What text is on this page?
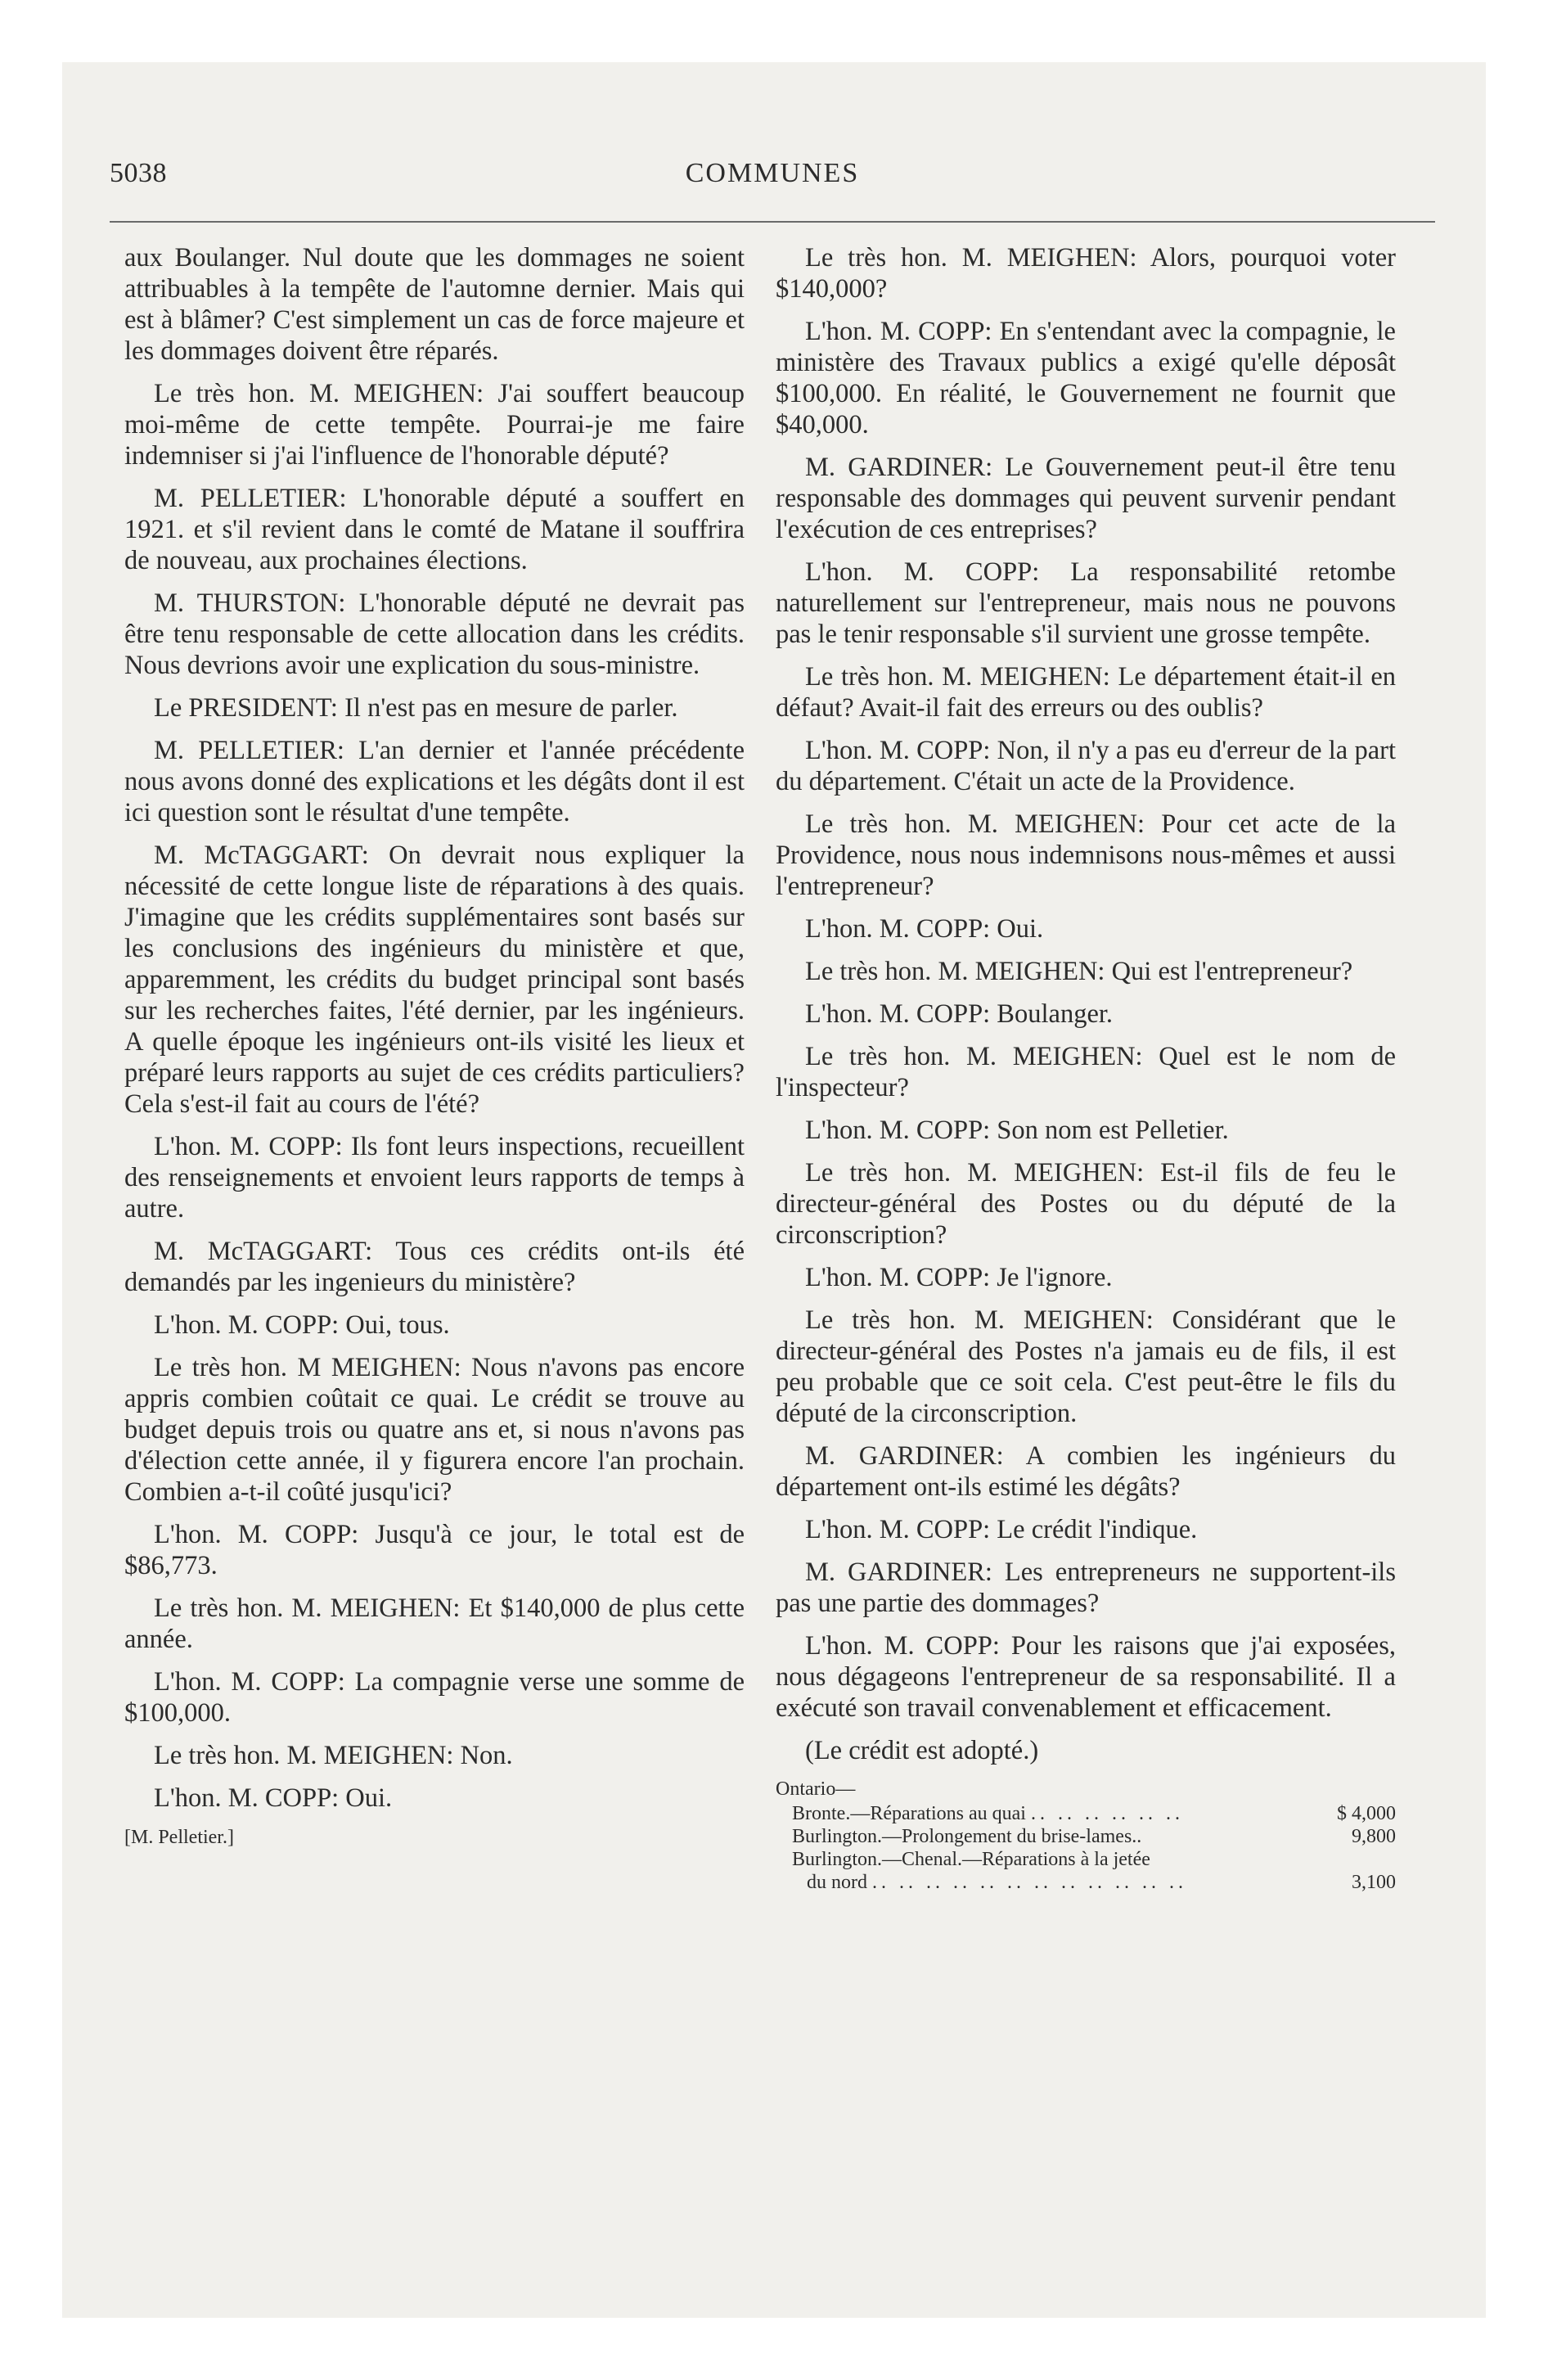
5038	COMMUNES

aux Boulanger. Nul doute que les dommages ne soient attribuables à la tempête de l'automne dernier. Mais qui est à blâmer? C'est simplement un cas de force majeure et les dommages doivent être réparés.

Le très hon. M. MEIGHEN: J'ai souffert beaucoup moi-même de cette tempête. Pourrai-je me faire indemniser si j'ai l'influence de l'honorable député?

M. PELLETIER: L'honorable député a souffert en 1921. et s'il revient dans le comté de Matane il souffrira de nouveau, aux prochaines élections.

M. THURSTON: L'honorable député ne devrait pas être tenu responsable de cette allocation dans les crédits. Nous devrions avoir une explication du sous-ministre.

Le PRESIDENT: Il n'est pas en mesure de parler.

M. PELLETIER: L'an dernier et l'année précédente nous avons donné des explications et les dégâts dont il est ici question sont le résultat d'une tempête.

M. McTAGGART: On devrait nous expliquer la nécessité de cette longue liste de réparations à des quais. J'imagine que les crédits supplémentaires sont basés sur les conclusions des ingénieurs du ministère et que, apparemment, les crédits du budget principal sont basés sur les recherches faites, l'été dernier, par les ingénieurs. A quelle époque les ingénieurs ont-ils visité les lieux et préparé leurs rapports au sujet de ces crédits particuliers? Cela s'est-il fait au cours de l'été?

L'hon. M. COPP: Ils font leurs inspections, recueillent des renseignements et envoient leurs rapports de temps à autre.

M. McTAGGART: Tous ces crédits ont-ils été demandés par les ingenieurs du ministère?

L'hon. M. COPP: Oui, tous.

Le très hon. M MEIGHEN: Nous n'avons pas encore appris combien coûtait ce quai. Le crédit se trouve au budget depuis trois ou quatre ans et, si nous n'avons pas d'élection cette année, il y figurera encore l'an prochain. Combien a-t-il coûté jusqu'ici?

L'hon. M. COPP: Jusqu'à ce jour, le total est de $86,773.

Le très hon. M. MEIGHEN: Et $140,000 de plus cette année.

L'hon. M. COPP: La compagnie verse une somme de $100,000.

Le très hon. M. MEIGHEN: Non.

L'hon. M. COPP: Oui.

[M. Pelletier.]

Le très hon. M. MEIGHEN: Alors, pourquoi voter $140,000?

L'hon. M. COPP: En s'entendant avec la compagnie, le ministère des Travaux publics a exigé qu'elle déposât $100,000. En réalité, le Gouvernement ne fournit que $40,000.

M. GARDINER: Le Gouvernement peut-il être tenu responsable des dommages qui peuvent survenir pendant l'exécution de ces entreprises?

L'hon. M. COPP: La responsabilité retombe naturellement sur l'entrepreneur, mais nous ne pouvons pas le tenir responsable s'il survient une grosse tempête.

Le très hon. M. MEIGHEN: Le département était-il en défaut? Avait-il fait des erreurs ou des oublis?

L'hon. M. COPP: Non, il n'y a pas eu d'erreur de la part du département. C'était un acte de la Providence.

Le très hon. M. MEIGHEN: Pour cet acte de la Providence, nous nous indemnisons nous-mêmes et aussi l'entrepreneur?

L'hon. M. COPP: Oui.

Le très hon. M. MEIGHEN: Qui est l'entrepreneur?

L'hon. M. COPP: Boulanger.

Le très hon. M. MEIGHEN: Quel est le nom de l'inspecteur?

L'hon. M. COPP: Son nom est Pelletier.

Le très hon. M. MEIGHEN: Est-il fils de feu le directeur-général des Postes ou du député de la circonscription?

L'hon. M. COPP: Je l'ignore.

Le très hon. M. MEIGHEN: Considérant que le directeur-général des Postes n'a jamais eu de fils, il est peu probable que ce soit cela. C'est peut-être le fils du député de la circonscription.

M. GARDINER: A combien les ingénieurs du département ont-ils estimé les dégâts?

L'hon. M. COPP: Le crédit l'indique.

M. GARDINER: Les entrepreneurs ne supportent-ils pas une partie des dommages?

L'hon. M. COPP: Pour les raisons que j'ai exposées, nous dégageons l'entrepreneur de sa responsabilité. Il a exécuté son travail convenablement et efficacement.

(Le crédit est adopté.)

Ontario—
Bronte.—Réparations au quai .. .. .. .. .. ..	$ 4,000
Burlington.—Prolongement du brise-lames..	9,800
Burlington.—Chenal.—Réparations à la jetée
du nord .. .. .. .. .. .. .. .. .. .. .. ..	3,100
